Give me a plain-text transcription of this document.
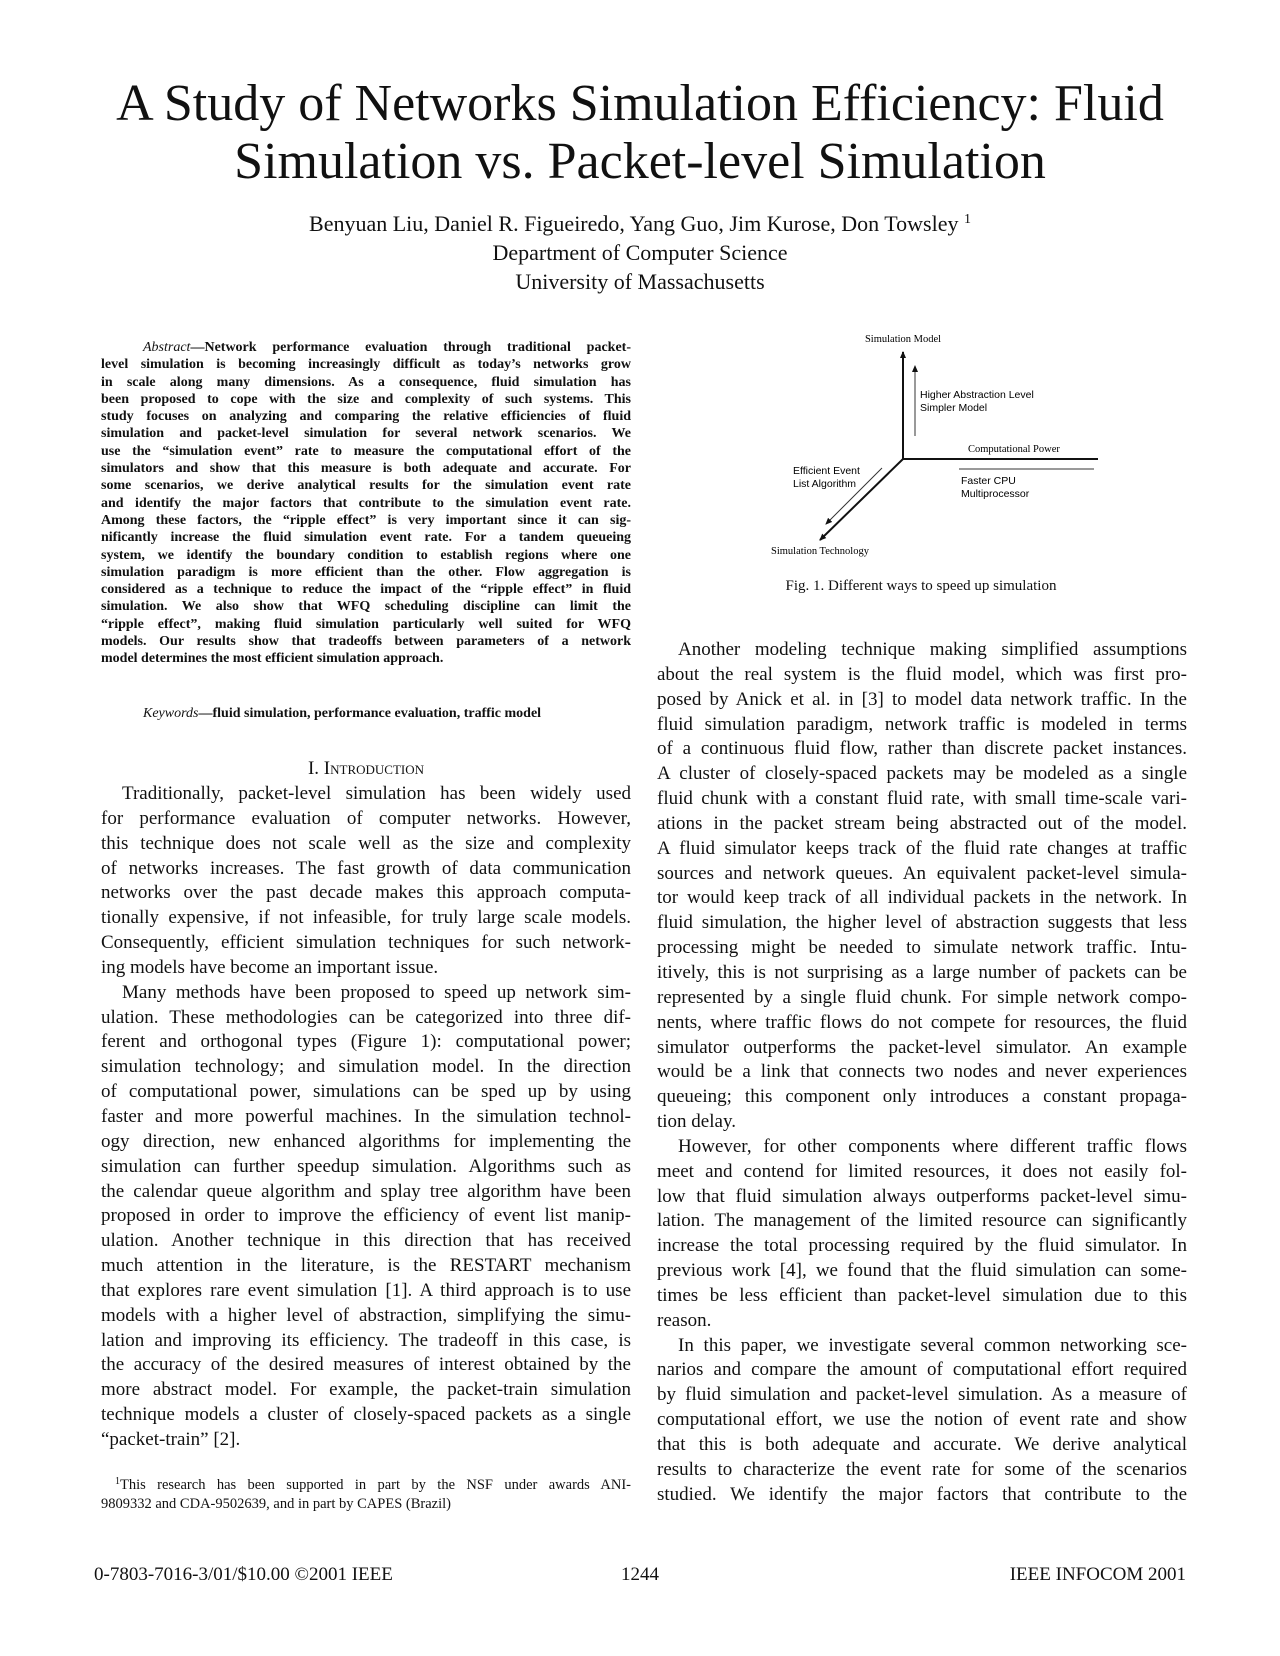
A Study of Networks Simulation Efficiency: Fluid
Simulation vs. Packet-level Simulation
Benyuan Liu, Daniel R. Figueiredo, Yang Guo, Jim Kurose, Don Towsley $^1$
Department of Computer Science
University of Massachusetts
Abstract—Network performance evaluation through traditional packet-
level simulation is becoming increasingly difficult as today’s networks grow
in scale along many dimensions. As a consequence, fluid simulation has
been proposed to cope with the size and complexity of such systems. This
study focuses on analyzing and comparing the relative efficiencies of fluid
simulation and packet-level simulation for several network scenarios. We
use the “simulation event” rate to measure the computational effort of the
simulators and show that this measure is both adequate and accurate. For
some scenarios, we derive analytical results for the simulation event rate
and identify the major factors that contribute to the simulation event rate.
Among these factors, the “ripple effect” is very important since it can sig-
nificantly increase the fluid simulation event rate. For a tandem queueing
system, we identify the boundary condition to establish regions where one
simulation paradigm is more efficient than the other. Flow aggregation is
considered as a technique to reduce the impact of the “ripple effect” in fluid
simulation. We also show that WFQ scheduling discipline can limit the
“ripple effect”, making fluid simulation particularly well suited for WFQ
models. Our results show that tradeoffs between parameters of a network
model determines the most efficient simulation approach.
Keywords—fluid simulation, performance evaluation, traffic model
I. Introduction
Traditionally, packet-level simulation has been widely used
for performance evaluation of computer networks. However,
this technique does not scale well as the size and complexity
of networks increases. The fast growth of data communication
networks over the past decade makes this approach computa-
tionally expensive, if not infeasible, for truly large scale models.
Consequently, efficient simulation techniques for such network-
ing models have become an important issue.
Many methods have been proposed to speed up network sim-
ulation. These methodologies can be categorized into three dif-
ferent and orthogonal types (Figure 1): computational power;
simulation technology; and simulation model. In the direction
of computational power, simulations can be sped up by using
faster and more powerful machines. In the simulation technol-
ogy direction, new enhanced algorithms for implementing the
simulation can further speedup simulation. Algorithms such as
the calendar queue algorithm and splay tree algorithm have been
proposed in order to improve the efficiency of event list manip-
ulation. Another technique in this direction that has received
much attention in the literature, is the RESTART mechanism
that explores rare event simulation [1]. A third approach is to use
models with a higher level of abstraction, simplifying the simu-
lation and improving its efficiency. The tradeoff in this case, is
the accuracy of the desired measures of interest obtained by the
more abstract model. For example, the packet-train simulation
technique models a cluster of closely-spaced packets as a single
“packet-train” [2].
Another modeling technique making simplified assumptions
about the real system is the fluid model, which was first pro-
posed by Anick et al. in [3] to model data network traffic. In the
fluid simulation paradigm, network traffic is modeled in terms
of a continuous fluid flow, rather than discrete packet instances.
A cluster of closely-spaced packets may be modeled as a single
fluid chunk with a constant fluid rate, with small time-scale vari-
ations in the packet stream being abstracted out of the model.
A fluid simulator keeps track of the fluid rate changes at traffic
sources and network queues. An equivalent packet-level simula-
tor would keep track of all individual packets in the network. In
fluid simulation, the higher level of abstraction suggests that less
processing might be needed to simulate network traffic. Intu-
itively, this is not surprising as a large number of packets can be
represented by a single fluid chunk. For simple network compo-
nents, where traffic flows do not compete for resources, the fluid
simulator outperforms the packet-level simulator. An example
would be a link that connects two nodes and never experiences
queueing; this component only introduces a constant propaga-
tion delay.
However, for other components where different traffic flows
meet and contend for limited resources, it does not easily fol-
low that fluid simulation always outperforms packet-level simu-
lation. The management of the limited resource can significantly
increase the total processing required by the fluid simulator. In
previous work [4], we found that the fluid simulation can some-
times be less efficient than packet-level simulation due to this
reason.
In this paper, we investigate several common networking sce-
narios and compare the amount of computational effort required
by fluid simulation and packet-level simulation. As a measure of
computational effort, we use the notion of event rate and show
that this is both adequate and accurate. We derive analytical
results to characterize the event rate for some of the scenarios
studied. We identify the major factors that contribute to the
Simulation Model
Computational Power
Simulation Technology
Higher Abstraction Level
Simpler Model
Faster CPU
Multiprocessor
Efficient Event
List Algorithm
Fig. 1. Different ways to speed up simulation
$^1$This research has been supported in part by the NSF under awards ANI-
9809332 and CDA-9502639, and in part by CAPES (Brazil)
0-7803-7016-3/01/$10.00 ©2001 IEEE	1244	IEEE INFOCOM 2001
